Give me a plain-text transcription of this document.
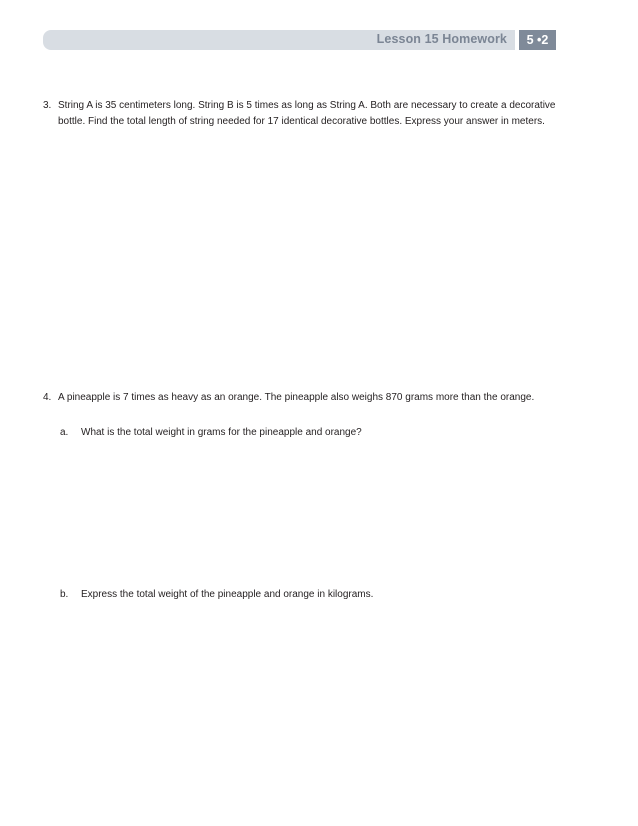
Lesson 15 Homework	5 •2
3. String A is 35 centimeters long. String B is 5 times as long as String A. Both are necessary to create a decorative bottle. Find the total length of string needed for 17 identical decorative bottles. Express your answer in meters.
4. A pineapple is 7 times as heavy as an orange. The pineapple also weighs 870 grams more than the orange.
a. What is the total weight in grams for the pineapple and orange?
b. Express the total weight of the pineapple and orange in kilograms.
